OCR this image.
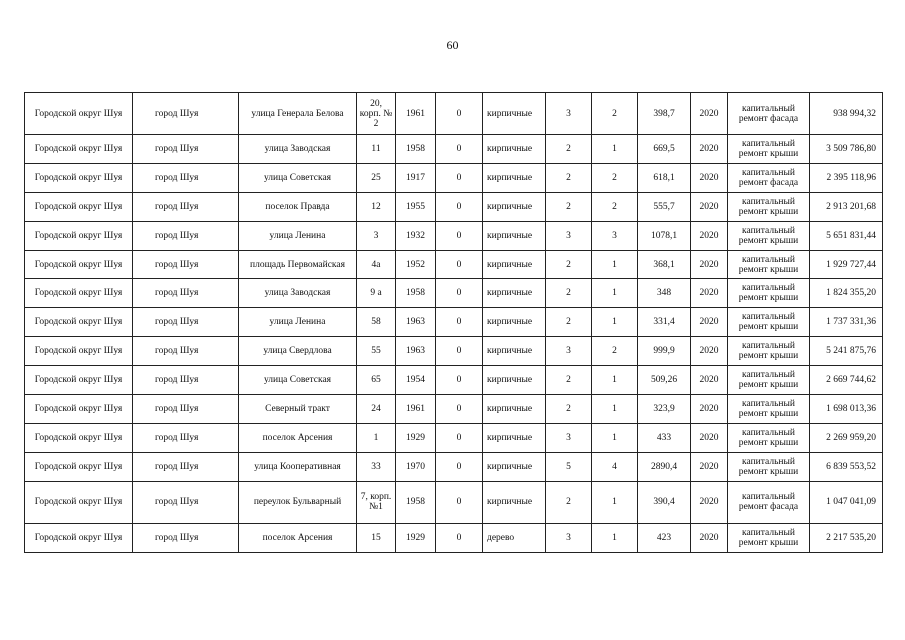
60
Городской округ Шуя	город Шуя	улица Генерала Белова	20, корп. № 2	1961	0	кирпичные	3	2	398,7	2020	капитальный ремонт фасада	938 994,32
Городской округ Шуя	город Шуя	улица Заводская	11	1958	0	кирпичные	2	1	669,5	2020	капитальный ремонт крыши	3 509 786,80
Городской округ Шуя	город Шуя	улица Советская	25	1917	0	кирпичные	2	2	618,1	2020	капитальный ремонт фасада	2 395 118,96
Городской округ Шуя	город Шуя	поселок Правда	12	1955	0	кирпичные	2	2	555,7	2020	капитальный ремонт крыши	2 913 201,68
Городской округ Шуя	город Шуя	улица Ленина	3	1932	0	кирпичные	3	3	1078,1	2020	капитальный ремонт крыши	5 651 831,44
Городской округ Шуя	город Шуя	площадь Первомайская	4а	1952	0	кирпичные	2	1	368,1	2020	капитальный ремонт крыши	1 929 727,44
Городской округ Шуя	город Шуя	улица Заводская	9 а	1958	0	кирпичные	2	1	348	2020	капитальный ремонт крыши	1 824 355,20
Городской округ Шуя	город Шуя	улица Ленина	58	1963	0	кирпичные	2	1	331,4	2020	капитальный ремонт крыши	1 737 331,36
Городской округ Шуя	город Шуя	улица Свердлова	55	1963	0	кирпичные	3	2	999,9	2020	капитальный ремонт крыши	5 241 875,76
Городской округ Шуя	город Шуя	улица Советская	65	1954	0	кирпичные	2	1	509,26	2020	капитальный ремонт крыши	2 669 744,62
Городской округ Шуя	город Шуя	Северный тракт	24	1961	0	кирпичные	2	1	323,9	2020	капитальный ремонт крыши	1 698 013,36
Городской округ Шуя	город Шуя	поселок Арсения	1	1929	0	кирпичные	3	1	433	2020	капитальный ремонт крыши	2 269 959,20
Городской округ Шуя	город Шуя	улица Кооперативная	33	1970	0	кирпичные	5	4	2890,4	2020	капитальный ремонт крыши	6 839 553,52
Городской округ Шуя	город Шуя	переулок Бульварный	7, корп. №1	1958	0	кирпичные	2	1	390,4	2020	капитальный ремонт фасада	1 047 041,09
Городской округ Шуя	город Шуя	поселок Арсения	15	1929	0	дерево	3	1	423	2020	капитальный ремонт крыши	2 217 535,20
